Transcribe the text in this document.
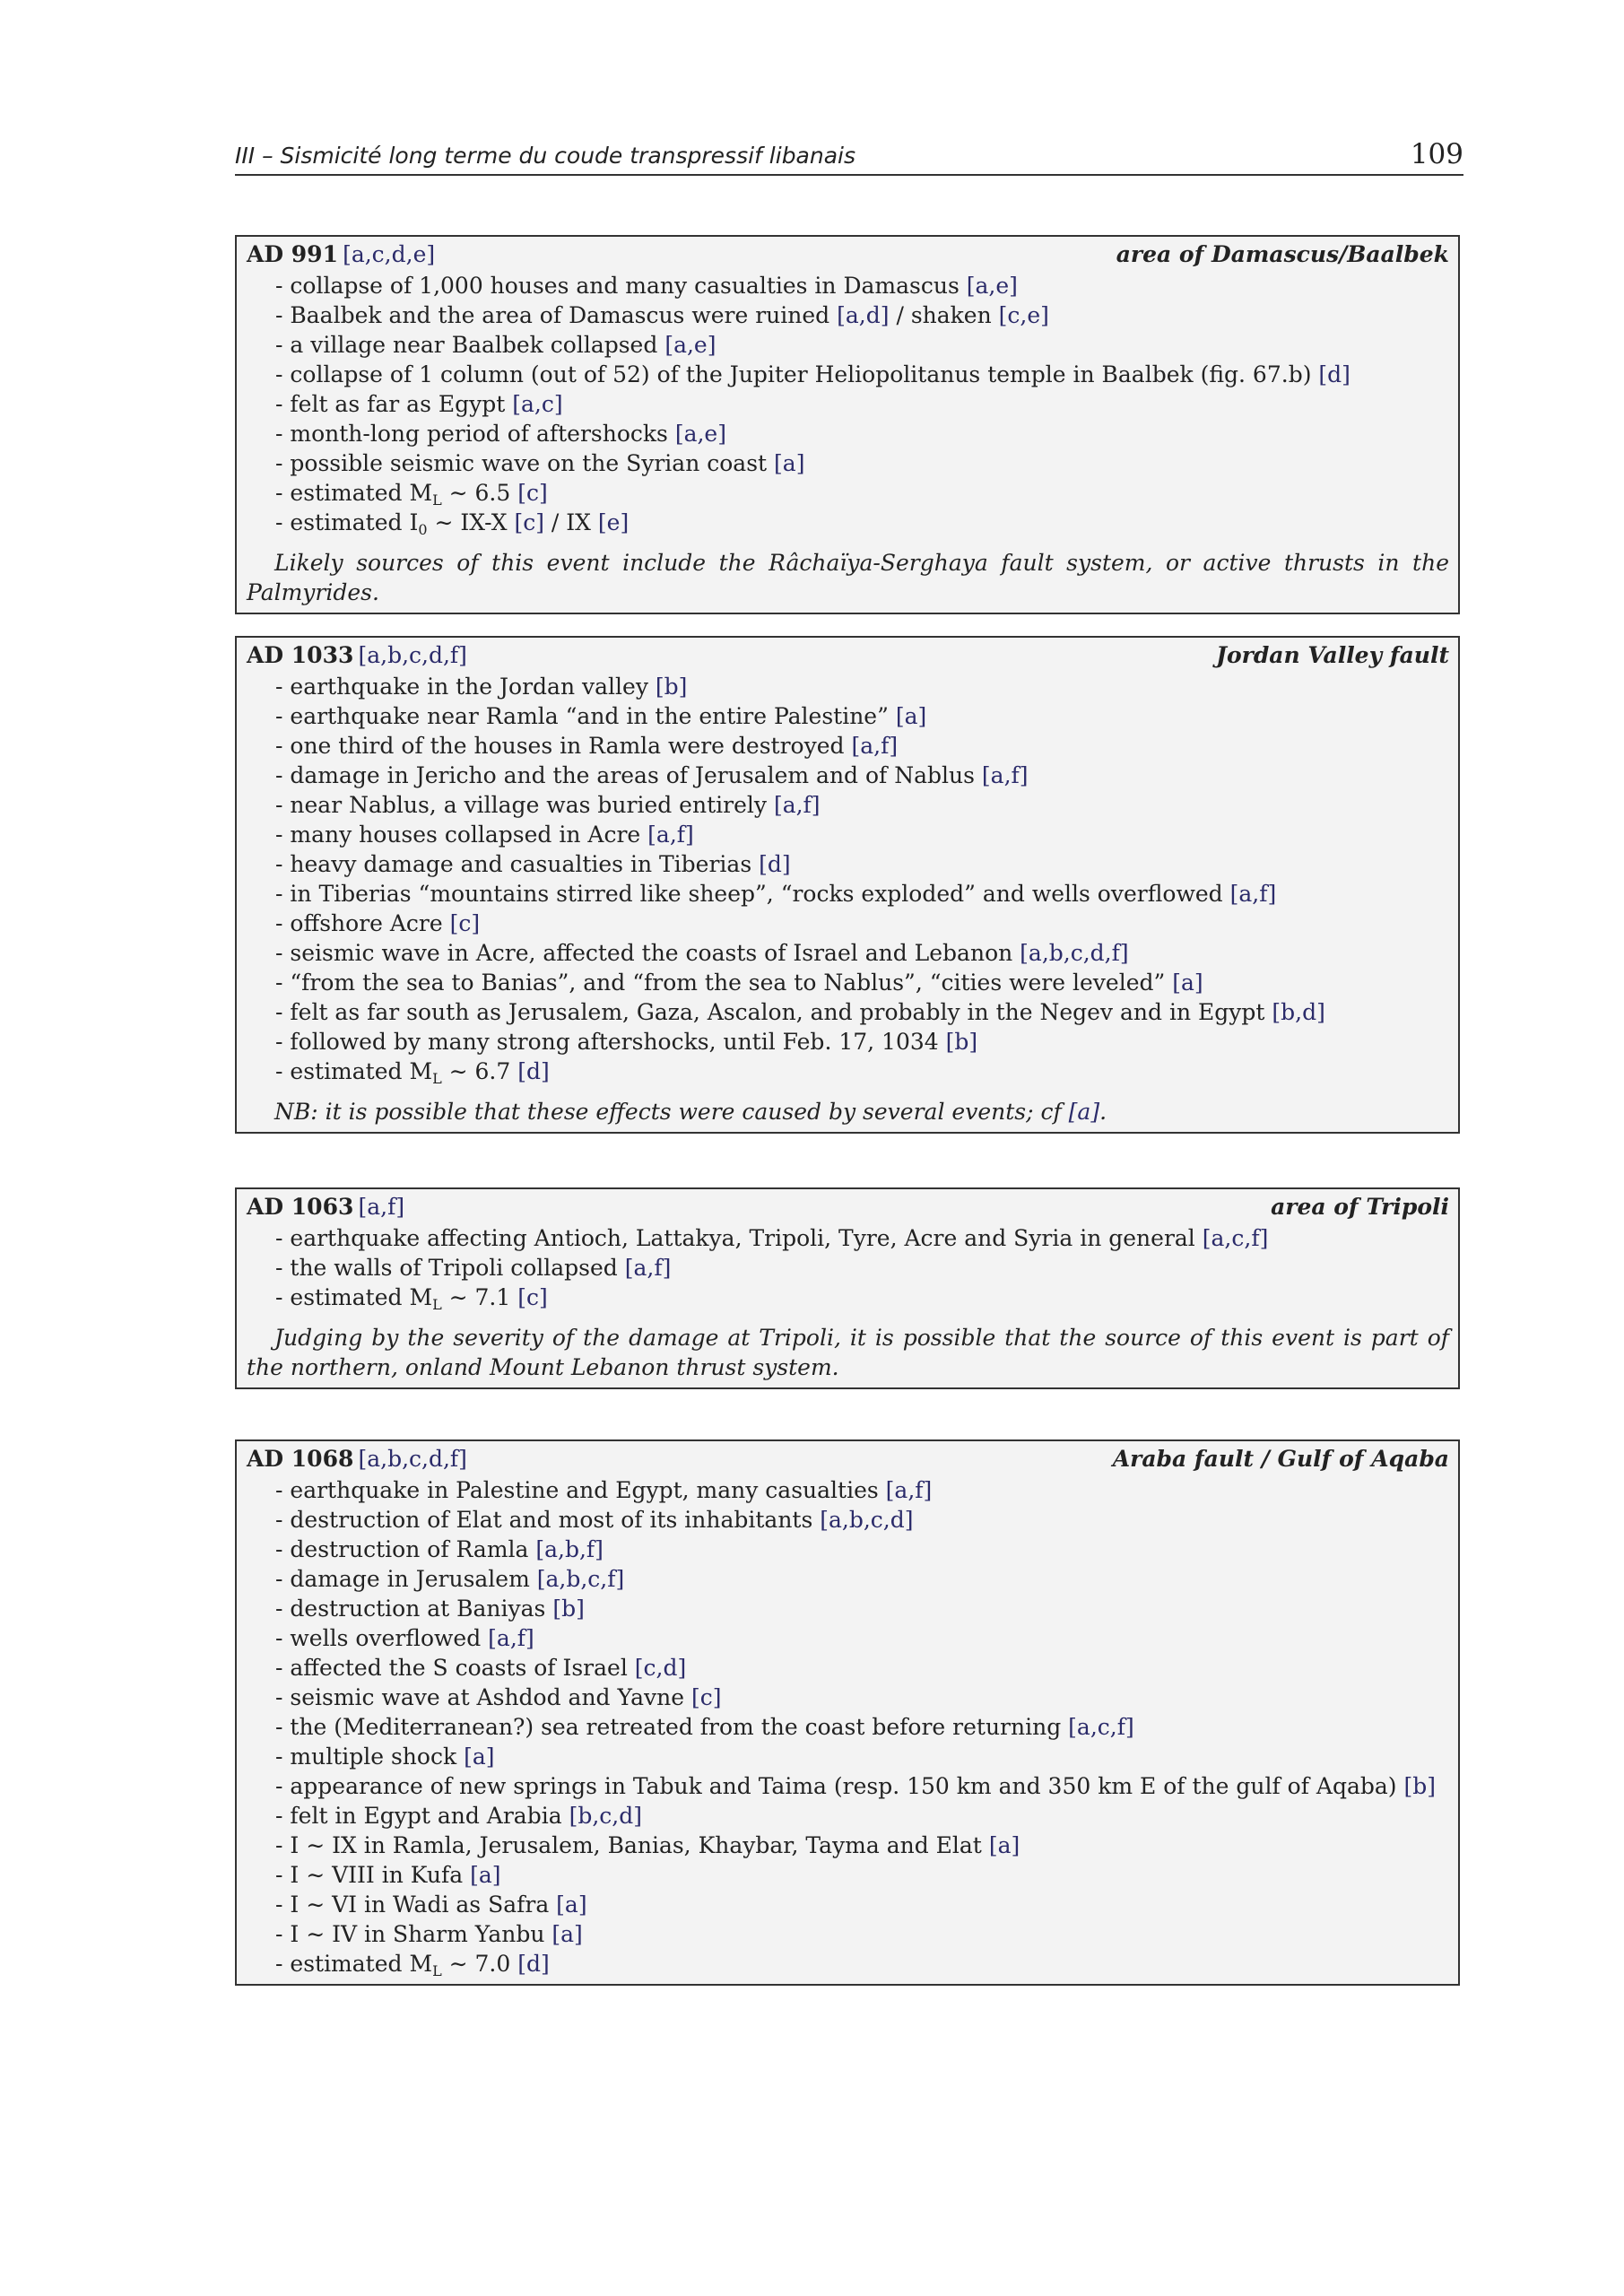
III – Sismicité long terme du coude transpressif libanais	109
AD 991 [a,c,d,e]	area of Damascus/Baalbek
- collapse of 1,000 houses and many casualties in Damascus [a,e]
- Baalbek and the area of Damascus were ruined [a,d] / shaken [c,e]
- a village near Baalbek collapsed [a,e]
- collapse of 1 column (out of 52) of the Jupiter Heliopolitanus temple in Baalbek (fig. 67.b) [d]
- felt as far as Egypt [a,c]
- month-long period of aftershocks [a,e]
- possible seismic wave on the Syrian coast [a]
- estimated $M_L$ ∼ 6.5 [c]
- estimated $I_0$ ∼ IX-X [c] / IX [e]
Likely sources of this event include the Râchaïya-Serghaya fault system, or active thrusts in the Palmyrides.
AD 1033 [a,b,c,d,f]	Jordan Valley fault
- earthquake in the Jordan valley [b]
- earthquake near Ramla “and in the entire Palestine” [a]
- one third of the houses in Ramla were destroyed [a,f]
- damage in Jericho and the areas of Jerusalem and of Nablus [a,f]
- near Nablus, a village was buried entirely [a,f]
- many houses collapsed in Acre [a,f]
- heavy damage and casualties in Tiberias [d]
- in Tiberias “mountains stirred like sheep”, “rocks exploded” and wells overflowed [a,f]
- offshore Acre [c]
- seismic wave in Acre, affected the coasts of Israel and Lebanon [a,b,c,d,f]
- “from the sea to Banias”, and “from the sea to Nablus”, “cities were leveled” [a]
- felt as far south as Jerusalem, Gaza, Ascalon, and probably in the Negev and in Egypt [b,d]
- followed by many strong aftershocks, until Feb. 17, 1034 [b]
- estimated $M_L$ ∼ 6.7 [d]
NB: it is possible that these effects were caused by several events; cf [a].
AD 1063 [a,f]	area of Tripoli
- earthquake affecting Antioch, Lattakya, Tripoli, Tyre, Acre and Syria in general [a,c,f]
- the walls of Tripoli collapsed [a,f]
- estimated $M_L$ ∼ 7.1 [c]
Judging by the severity of the damage at Tripoli, it is possible that the source of this event is part of the northern, onland Mount Lebanon thrust system.
AD 1068 [a,b,c,d,f]	Araba fault / Gulf of Aqaba
- earthquake in Palestine and Egypt, many casualties [a,f]
- destruction of Elat and most of its inhabitants [a,b,c,d]
- destruction of Ramla [a,b,f]
- damage in Jerusalem [a,b,c,f]
- destruction at Baniyas [b]
- wells overflowed [a,f]
- affected the S coasts of Israel [c,d]
- seismic wave at Ashdod and Yavne [c]
- the (Mediterranean?) sea retreated from the coast before returning [a,c,f]
- multiple shock [a]
- appearance of new springs in Tabuk and Taima (resp. 150 km and 350 km E of the gulf of Aqaba) [b]
- felt in Egypt and Arabia [b,c,d]
- I ∼ IX in Ramla, Jerusalem, Banias, Khaybar, Tayma and Elat [a]
- I ∼ VIII in Kufa [a]
- I ∼ VI in Wadi as Safra [a]
- I ∼ IV in Sharm Yanbu [a]
- estimated $M_L$ ∼ 7.0 [d]
